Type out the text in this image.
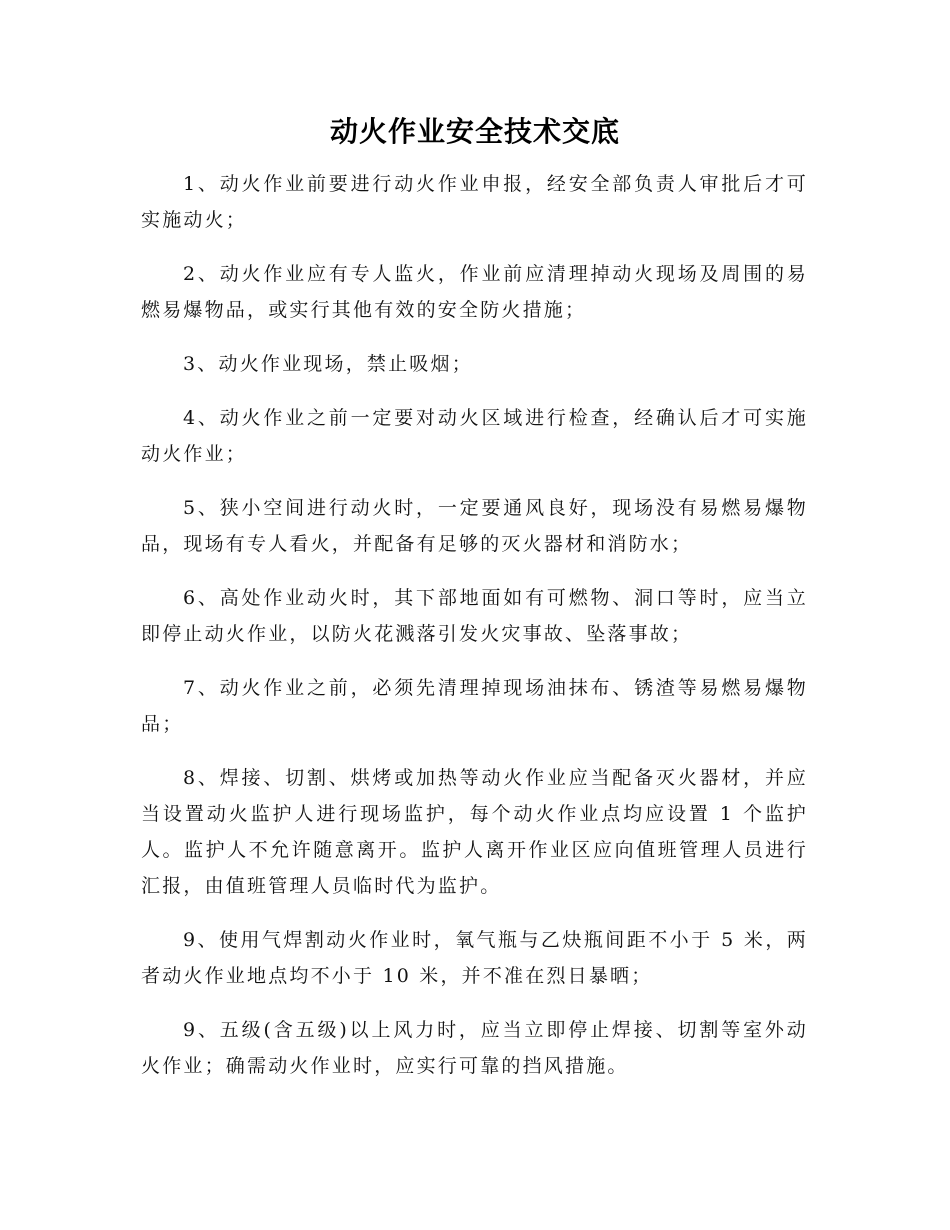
动火作业安全技术交底

1、动火作业前要进行动火作业申报，经安全部负责人审批后才可实施动火；

2、动火作业应有专人监火，作业前应清理掉动火现场及周围的易燃易爆物品，或实行其他有效的安全防火措施；

3、动火作业现场，禁止吸烟；

4、动火作业之前一定要对动火区域进行检查，经确认后才可实施动火作业；

5、狭小空间进行动火时，一定要通风良好，现场没有易燃易爆物品，现场有专人看火，并配备有足够的灭火器材和消防水；

6、高处作业动火时，其下部地面如有可燃物、洞口等时，应当立即停止动火作业，以防火花溅落引发火灾事故、坠落事故；

7、动火作业之前，必须先清理掉现场油抹布、锈渣等易燃易爆物品；

8、焊接、切割、烘烤或加热等动火作业应当配备灭火器材，并应当设置动火监护人进行现场监护，每个动火作业点均应设置 1 个监护人。监护人不允许随意离开。监护人离开作业区应向值班管理人员进行汇报，由值班管理人员临时代为监护。

9、使用气焊割动火作业时，氧气瓶与乙炔瓶间距不小于 5 米，两者动火作业地点均不小于 10 米，并不准在烈日暴晒；

9、五级(含五级)以上风力时，应当立即停止焊接、切割等室外动火作业；确需动火作业时，应实行可靠的挡风措施。
